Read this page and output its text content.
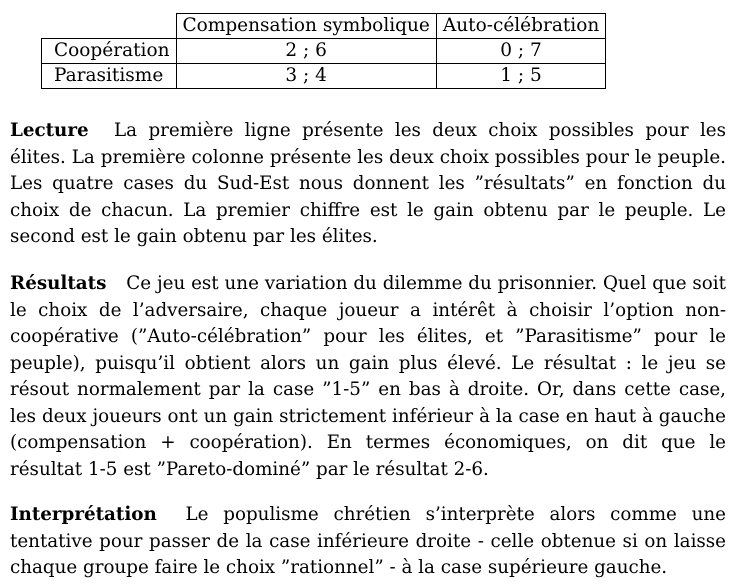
	Compensation symbolique	Auto-célébration
Coopération	2 ; 6	0 ; 7
Parasitisme	3 ; 4	1 ; 5

Lecture La première ligne présente les deux choix possibles pour les élites. La première colonne présente les deux choix possibles pour le peuple. Les quatre cases du Sud-Est nous donnent les ”résultats” en fonction du choix de chacun. La premier chiffre est le gain obtenu par le peuple. Le second est le gain obtenu par les élites.

Résultats Ce jeu est une variation du dilemme du prisonnier. Quel que soit le choix de l’adversaire, chaque joueur a intérêt à choisir l’option non-coopérative (”Auto-célébration” pour les élites, et ”Parasitisme” pour le peuple), puisqu’il obtient alors un gain plus élevé. Le résultat : le jeu se résout normalement par la case ”1-5” en bas à droite. Or, dans cette case, les deux joueurs ont un gain strictement inférieur à la case en haut à gauche (compensation + coopération). En termes économiques, on dit que le résultat 1-5 est ”Pareto-dominé” par le résultat 2-6.

Interprétation Le populisme chrétien s’interprète alors comme une tentative pour passer de la case inférieure droite - celle obtenue si on laisse chaque groupe faire le choix ”rationnel” - à la case supérieure gauche.
